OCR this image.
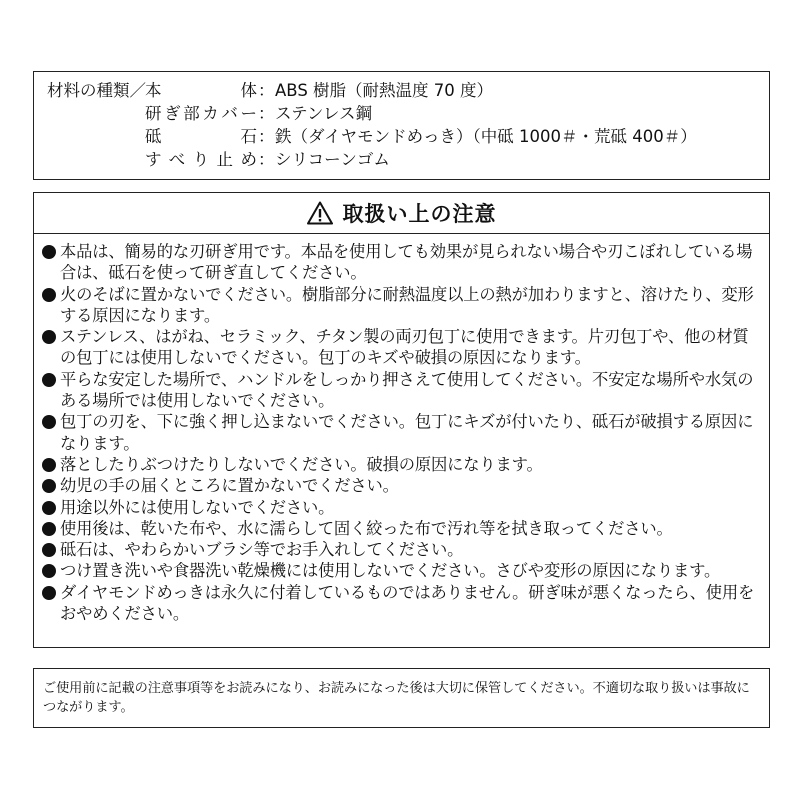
材料の種類／ 本　　　体 ： ABS 樹脂（耐熱温度 70 度）
研ぎ部カバー ： ステンレス鋼
砥　　　石 ： 鉄（ダイヤモンドめっき）（中砥 1000＃・荒砥 400＃）
すべり止め ： シリコーンゴム
取扱い上の注意
本品は、簡易的な刃研ぎ用です。本品を使用しても効果が見られない場合や刃こぼれしている場合は、砥石を使って研ぎ直してください。
火のそばに置かないでください。樹脂部分に耐熱温度以上の熱が加わりますと、溶けたり、変形する原因になります。
ステンレス、はがね、セラミック、チタン製の両刃包丁に使用できます。片刃包丁や、他の材質の包丁には使用しないでください。包丁のキズや破損の原因になります。
平らな安定した場所で、ハンドルをしっかり押さえて使用してください。不安定な場所や水気のある場所では使用しないでください。
包丁の刃を、下に強く押し込まないでください。包丁にキズが付いたり、砥石が破損する原因になります。
落としたりぶつけたりしないでください。破損の原因になります。
幼児の手の届くところに置かないでください。
用途以外には使用しないでください。
使用後は、乾いた布や、水に濡らして固く絞った布で汚れ等を拭き取ってください。
砥石は、やわらかいブラシ等でお手入れしてください。
つけ置き洗いや食器洗い乾燥機には使用しないでください。さびや変形の原因になります。
ダイヤモンドめっきは永久に付着しているものではありません。研ぎ味が悪くなったら、使用をおやめください。
ご使用前に記載の注意事項等をお読みになり、お読みになった後は大切に保管してください。不適切な取り扱いは事故につながります。
